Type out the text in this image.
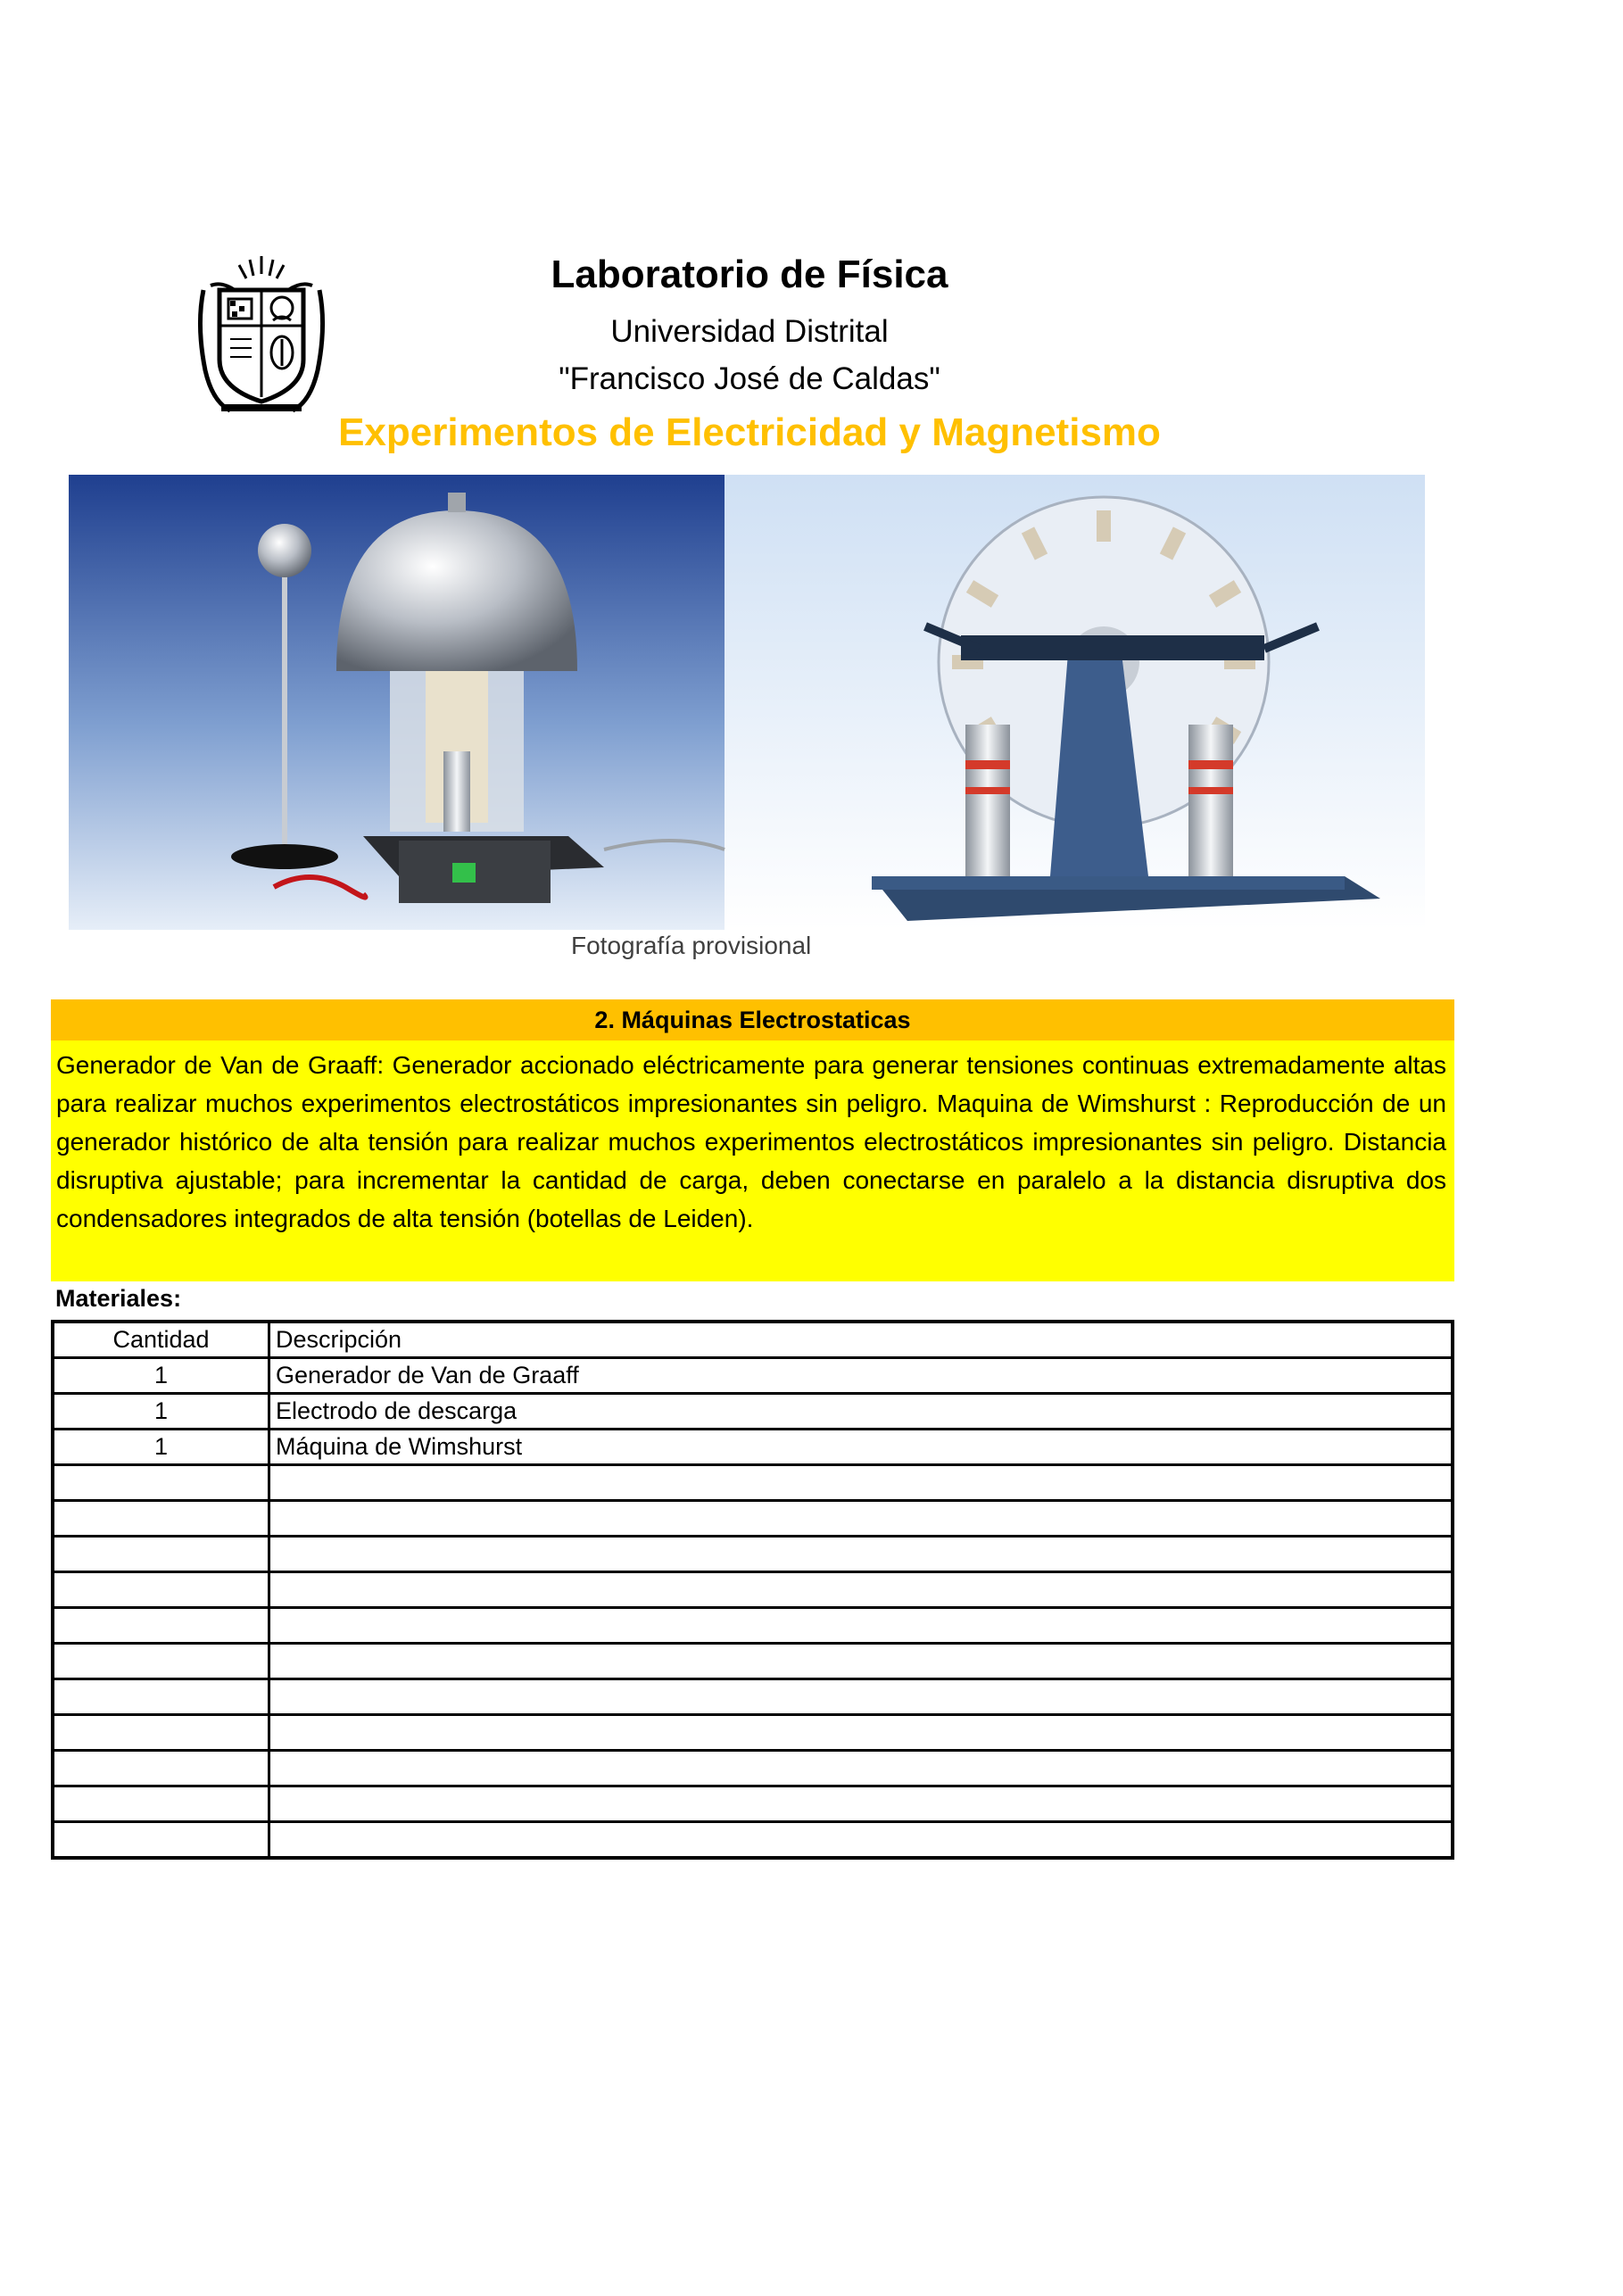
Laboratorio de Física
Universidad Distrital
"Francisco José de Caldas"
Experimentos de Electricidad y Magnetismo
Fotografía provisional
2. Máquinas Electrostaticas
Generador de Van de Graaff: Generador accionado eléctricamente para generar tensiones continuas extremadamente altas para realizar muchos experimentos electrostáticos impresionantes sin peligro. Maquina de Wimshurst : Reproducción de un generador histórico de alta tensión para realizar muchos experimentos electrostáticos impresionantes sin peligro. Distancia disruptiva ajustable; para incrementar la cantidad de carga, deben conectarse en paralelo a la distancia disruptiva dos condensadores integrados de alta tensión (botellas de Leiden).
Materiales:
Cantidad	Descripción
1	Generador de Van de Graaff
1	Electrodo de descarga
1	Máquina de Wimshurst
